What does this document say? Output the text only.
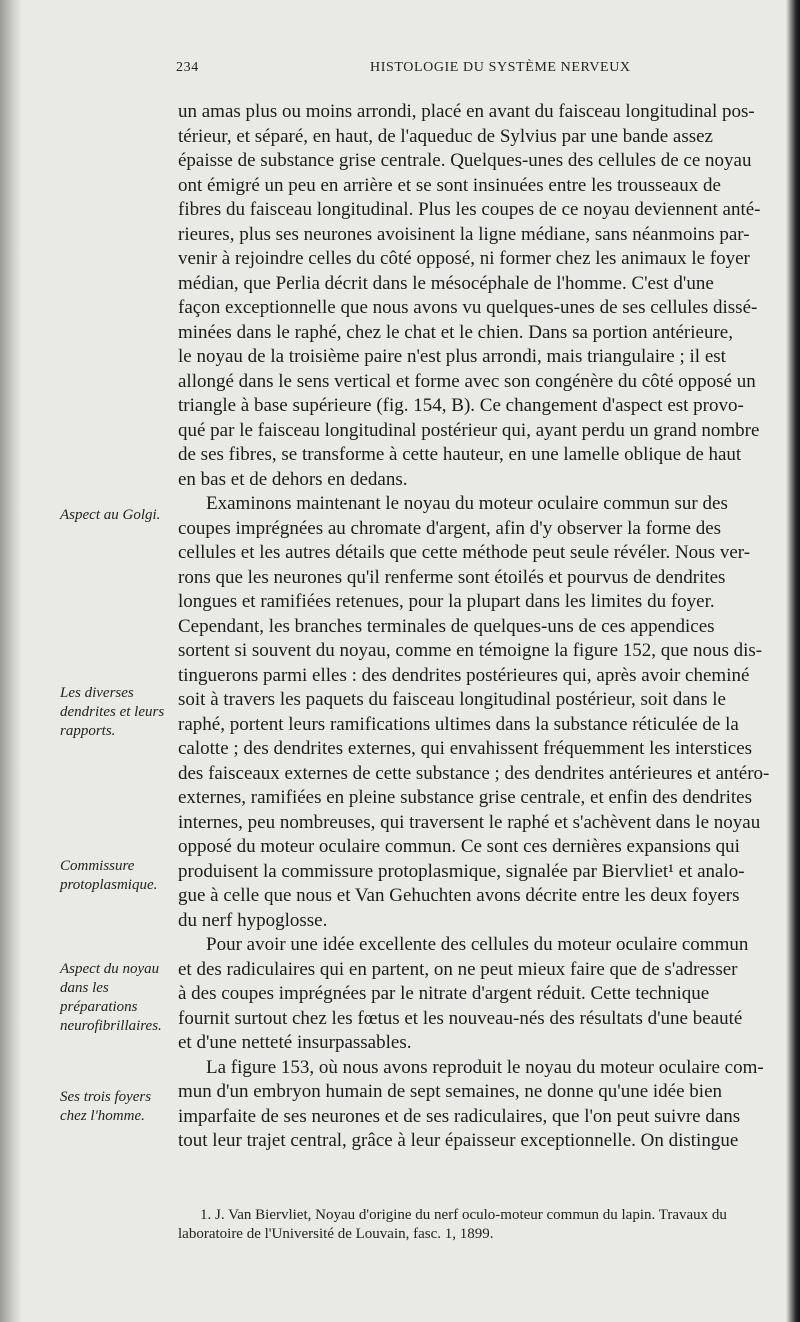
234	HISTOLOGIE DU SYSTÈME NERVEUX
un amas plus ou moins arrondi, placé en avant du faisceau longitudinal pos-
térieur, et séparé, en haut, de l'aqueduc de Sylvius par une bande assez
épaisse de substance grise centrale. Quelques-unes des cellules de ce noyau
ont émigré un peu en arrière et se sont insinuées entre les trousseaux de
fibres du faisceau longitudinal. Plus les coupes de ce noyau deviennent anté-
rieures, plus ses neurones avoisinent la ligne médiane, sans néanmoins par-
venir à rejoindre celles du côté opposé, ni former chez les animaux le foyer
médian, que Perlia décrit dans le mésocéphale de l'homme. C'est d'une
façon exceptionnelle que nous avons vu quelques-unes de ses cellules dissé-
minées dans le raphé, chez le chat et le chien. Dans sa portion antérieure,
le noyau de la troisième paire n'est plus arrondi, mais triangulaire ; il est
allongé dans le sens vertical et forme avec son congénère du côté opposé un
triangle à base supérieure (fig. 154, B). Ce changement d'aspect est provo-
qué par le faisceau longitudinal postérieur qui, ayant perdu un grand nombre
de ses fibres, se transforme à cette hauteur, en une lamelle oblique de haut
en bas et de dehors en dedans.
Examinons maintenant le noyau du moteur oculaire commun sur des
coupes imprégnées au chromate d'argent, afin d'y observer la forme des
cellules et les autres détails que cette méthode peut seule révéler. Nous ver-
rons que les neurones qu'il renferme sont étoilés et pourvus de dendrites
longues et ramifiées retenues, pour la plupart dans les limites du foyer.
Cependant, les branches terminales de quelques-uns de ces appendices
sortent si souvent du noyau, comme en témoigne la figure 152, que nous dis-
tinguerons parmi elles : des dendrites postérieures qui, après avoir cheminé
soit à travers les paquets du faisceau longitudinal postérieur, soit dans le
raphé, portent leurs ramifications ultimes dans la substance réticulée de la
calotte ; des dendrites externes, qui envahissent fréquemment les interstices
des faisceaux externes de cette substance ; des dendrites antérieures et antéro-
externes, ramifiées en pleine substance grise centrale, et enfin des dendrites
internes, peu nombreuses, qui traversent le raphé et s'achèvent dans le noyau
opposé du moteur oculaire commun. Ce sont ces dernières expansions qui
produisent la commissure protoplasmique, signalée par Biervliet¹ et analo-
gue à celle que nous et Van Gehuchten avons décrite entre les deux foyers
du nerf hypoglosse.
Pour avoir une idée excellente des cellules du moteur oculaire commun
et des radiculaires qui en partent, on ne peut mieux faire que de s'adresser
à des coupes imprégnées par le nitrate d'argent réduit. Cette technique
fournit surtout chez les fœtus et les nouveau-nés des résultats d'une beauté
et d'une netteté insurpassables.
La figure 153, où nous avons reproduit le noyau du moteur oculaire com-
mun d'un embryon humain de sept semaines, ne donne qu'une idée bien
imparfaite de ses neurones et de ses radiculaires, que l'on peut suivre dans
tout leur trajet central, grâce à leur épaisseur exceptionnelle. On distingue
Aspect au Golgi.
Les diverses dendrites et leurs rapports.
Commissure protoplasmique.
Aspect du noyau dans les préparations neurofibrillaires.
Ses trois foyers chez l'homme.
1. J. Van Biervliet, Noyau d'origine du nerf oculo-moteur commun du lapin. Travaux du laboratoire de l'Université de Louvain, fasc. 1, 1899.
